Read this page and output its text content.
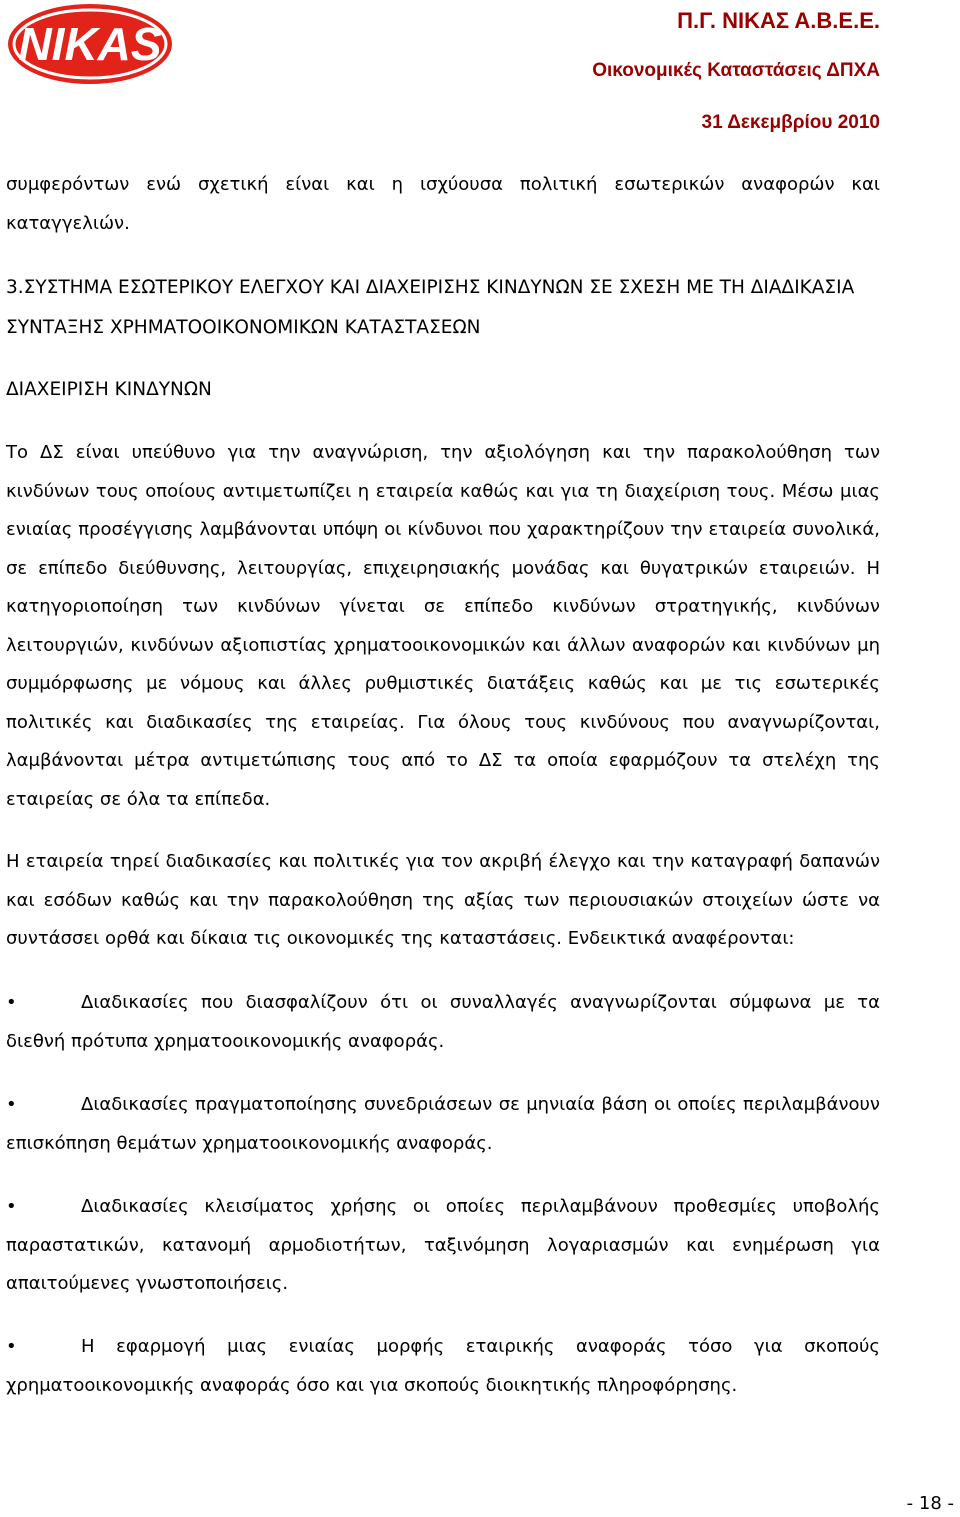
NIKAS	Π.Γ. ΝΙΚΑΣ Α.Β.Ε.Ε.
Οικονομικές Καταστάσεις ΔΠΧΑ
31 Δεκεμβρίου 2010
συμφερόντων ενώ σχετική είναι και η ισχύουσα πολιτική εσωτερικών αναφορών και καταγγελιών.
3.ΣΥΣΤΗΜΑ ΕΣΩΤΕΡΙΚΟΥ ΕΛΕΓΧΟΥ ΚΑΙ ΔΙΑΧΕΙΡΙΣΗΣ ΚΙΝΔΥΝΩΝ ΣΕ ΣΧΕΣΗ ΜΕ ΤΗ ΔΙΑΔΙΚΑΣΙΑ ΣΥΝΤΑΞΗΣ ΧΡΗΜΑΤΟΟΙΚΟΝΟΜΙΚΩΝ ΚΑΤΑΣΤΑΣΕΩΝ
ΔΙΑΧΕΙΡΙΣΗ ΚΙΝΔΥΝΩΝ
Το ΔΣ είναι υπεύθυνο για την αναγνώριση, την αξιολόγηση και την παρακολούθηση των κινδύνων τους οποίους αντιμετωπίζει η εταιρεία καθώς και για τη διαχείριση τους. Μέσω μιας ενιαίας προσέγγισης λαμβάνονται υπόψη οι κίνδυνοι που χαρακτηρίζουν την εταιρεία συνολικά, σε επίπεδο διεύθυνσης, λειτουργίας, επιχειρησιακής μονάδας και θυγατρικών εταιρειών. Η κατηγοριοποίηση των κινδύνων γίνεται σε επίπεδο κινδύνων στρατηγικής, κινδύνων λειτουργιών, κινδύνων αξιοπιστίας χρηματοοικονομικών και άλλων αναφορών και κινδύνων μη συμμόρφωσης με νόμους και άλλες ρυθμιστικές διατάξεις καθώς και με τις εσωτερικές πολιτικές και διαδικασίες της εταιρείας. Για όλους τους κινδύνους που αναγνωρίζονται, λαμβάνονται μέτρα αντιμετώπισης τους από το ΔΣ τα οποία εφαρμόζουν τα στελέχη της εταιρείας σε όλα τα επίπεδα.
Η εταιρεία τηρεί διαδικασίες και πολιτικές για τον ακριβή έλεγχο και την καταγραφή δαπανών και εσόδων καθώς και την παρακολούθηση της αξίας των περιουσιακών στοιχείων ώστε να συντάσσει ορθά και δίκαια τις οικονομικές της καταστάσεις. Ενδεικτικά αναφέρονται:
•	Διαδικασίες που διασφαλίζουν ότι οι συναλλαγές αναγνωρίζονται σύμφωνα με τα διεθνή πρότυπα χρηματοοικονομικής αναφοράς.
•	Διαδικασίες πραγματοποίησης συνεδριάσεων σε μηνιαία βάση οι οποίες περιλαμβάνουν επισκόπηση θεμάτων χρηματοοικονομικής αναφοράς.
•	Διαδικασίες κλεισίματος χρήσης οι οποίες περιλαμβάνουν προθεσμίες υποβολής παραστατικών, κατανομή αρμοδιοτήτων, ταξινόμηση λογαριασμών και ενημέρωση για απαιτούμενες γνωστοποιήσεις.
•	Η εφαρμογή μιας ενιαίας μορφής εταιρικής αναφοράς τόσο για σκοπούς χρηματοοικονομικής αναφοράς όσο και για σκοπούς διοικητικής πληροφόρησης.
- 18 -
